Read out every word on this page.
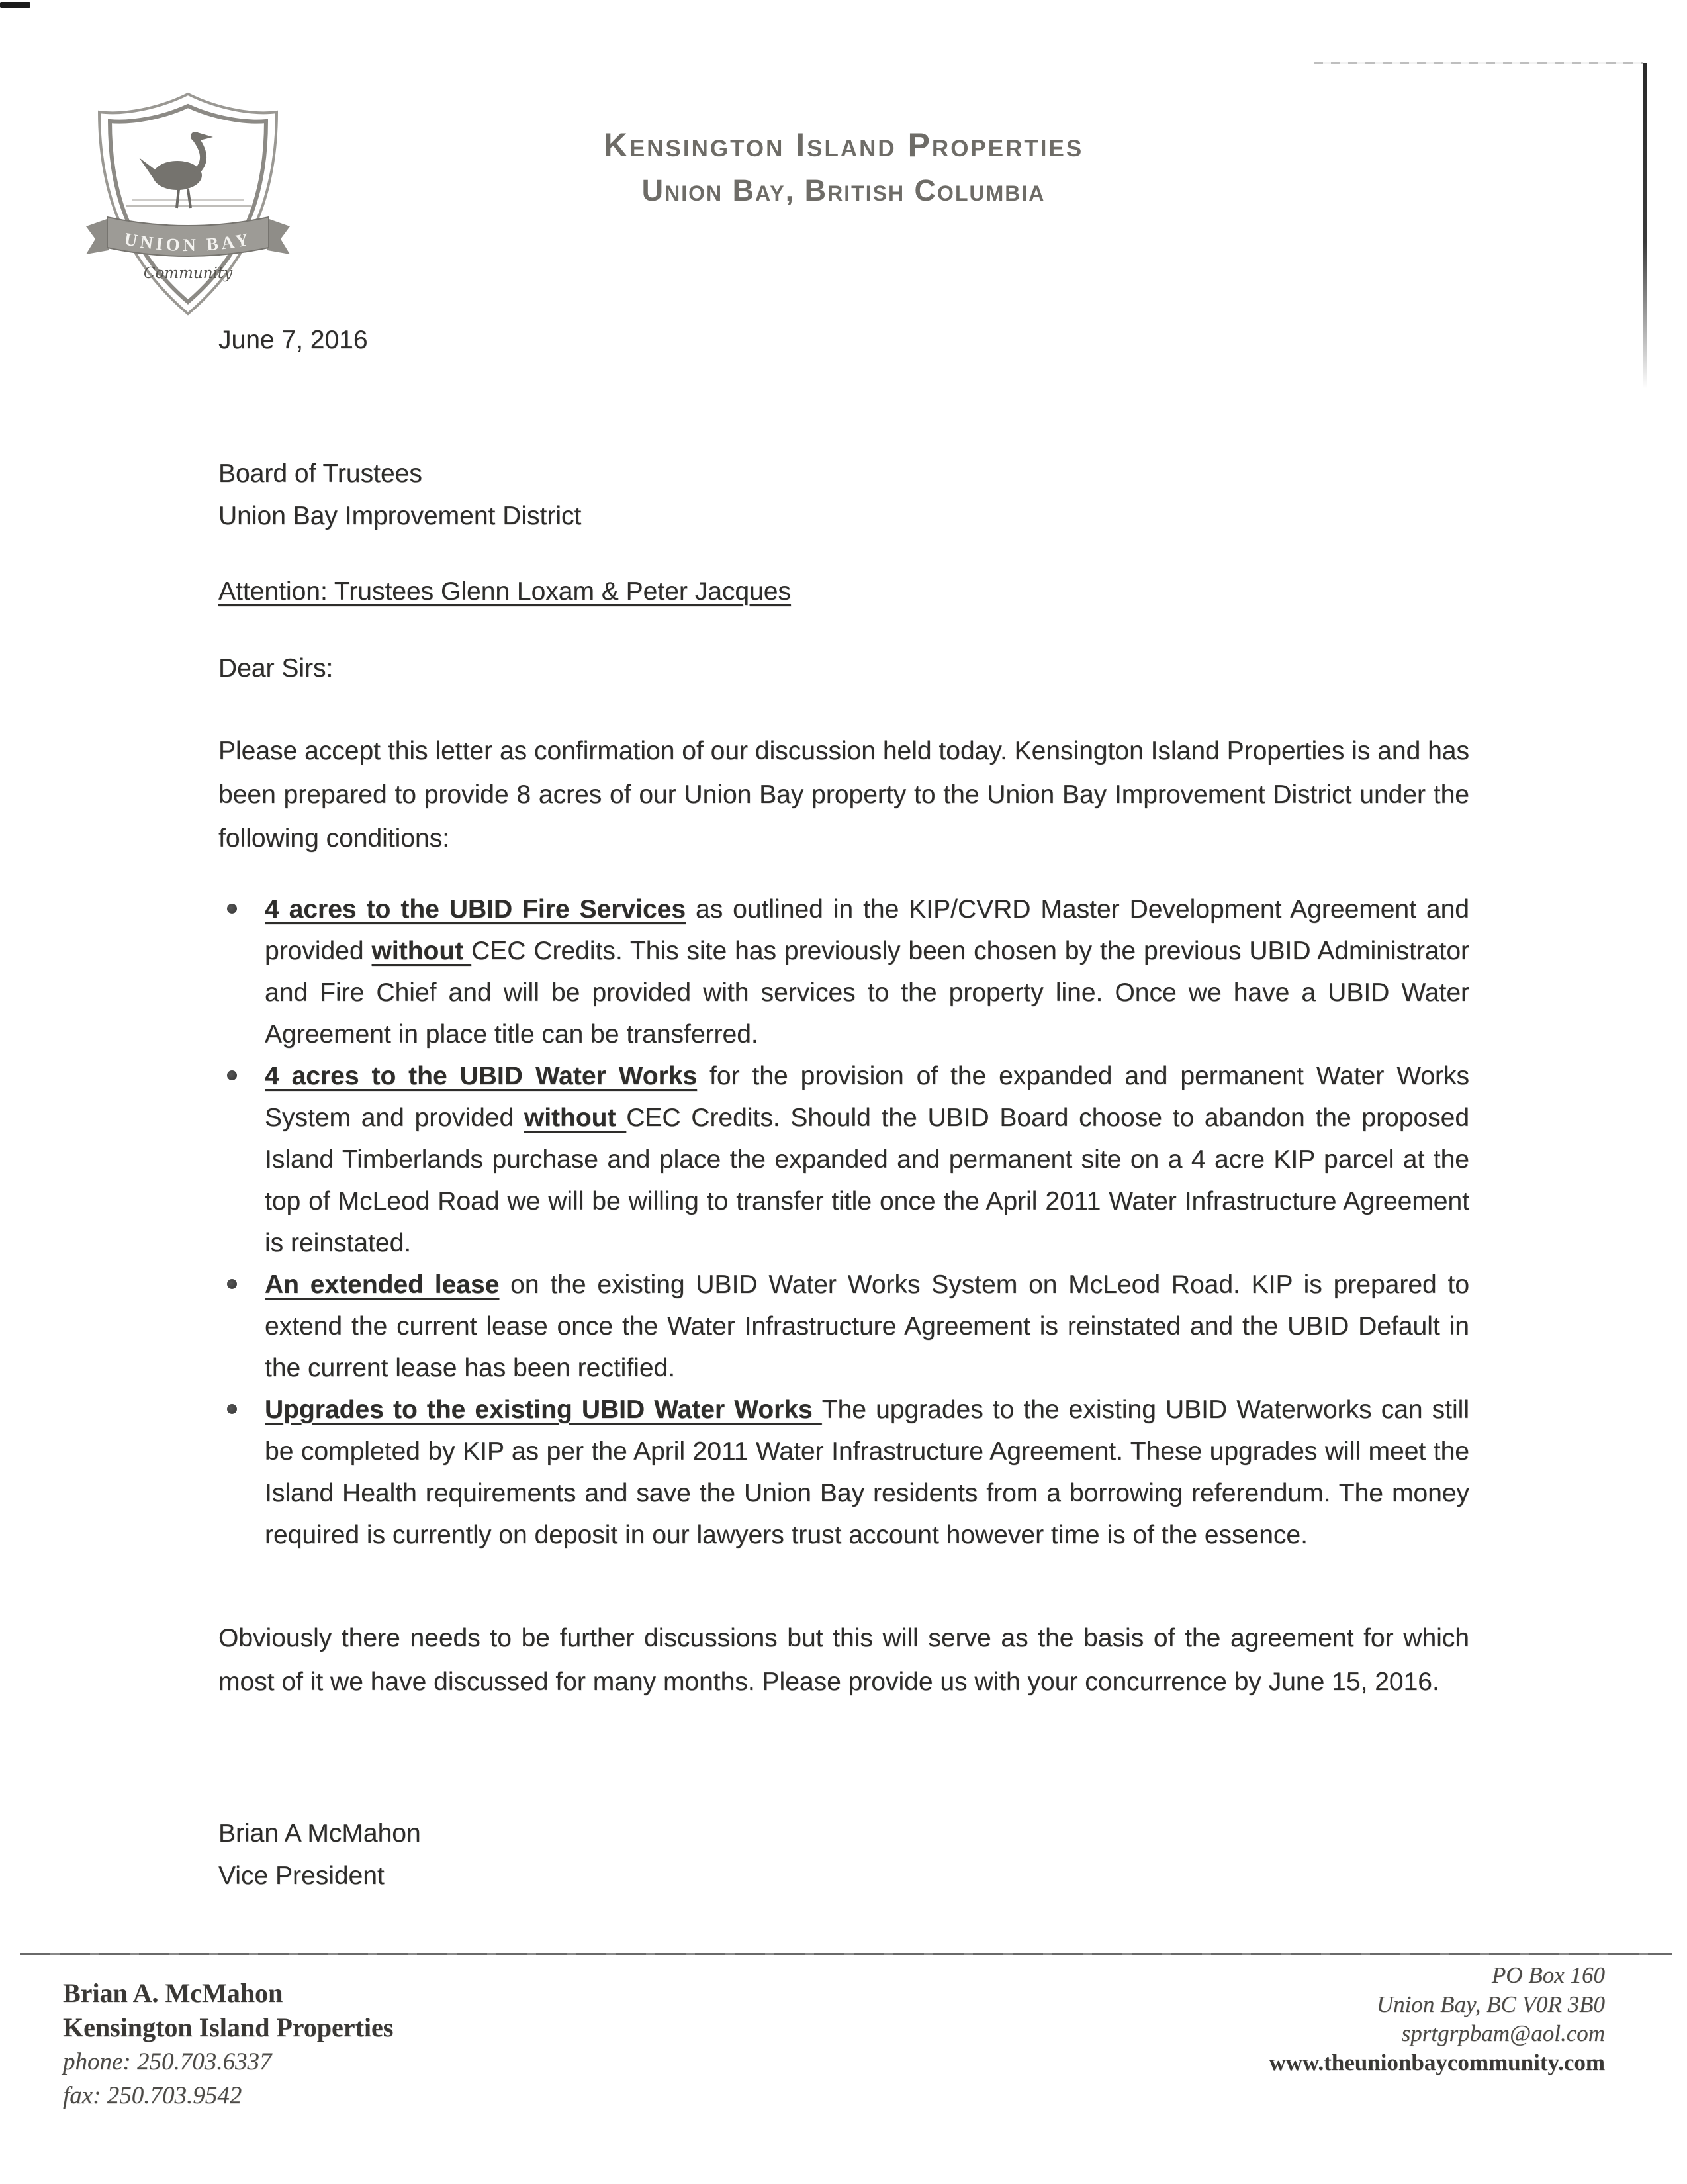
UNION BAY
Community
Kensington Island Properties
Union Bay, British Columbia
June 7, 2016
Board of Trustees
Union Bay Improvement District
Attention: Trustees Glenn Loxam & Peter Jacques
Dear Sirs:

Please accept this letter as confirmation of our discussion held today. Kensington Island Properties is and has been prepared to provide 8 acres of our Union Bay property to the Union Bay Improvement District under the following conditions:

4 acres to the UBID Fire Services as outlined in the KIP/CVRD Master Development Agreement and provided without CEC Credits. This site has previously been chosen by the previous UBID Administrator and Fire Chief and will be provided with services to the property line. Once we have a UBID Water Agreement in place title can be transferred.

4 acres to the UBID Water Works for the provision of the expanded and permanent Water Works System and provided without CEC Credits. Should the UBID Board choose to abandon the proposed Island Timberlands purchase and place the expanded and permanent site on a 4 acre KIP parcel at the top of McLeod Road we will be willing to transfer title once the April 2011 Water Infrastructure Agreement is reinstated.

An extended lease on the existing UBID Water Works System on McLeod Road. KIP is prepared to extend the current lease once the Water Infrastructure Agreement is reinstated and the UBID Default in the current lease has been rectified.

Upgrades to the existing UBID Water Works The upgrades to the existing UBID Waterworks can still be completed by KIP as per the April 2011 Water Infrastructure Agreement. These upgrades will meet the Island Health requirements and save the Union Bay residents from a borrowing referendum. The money required is currently on deposit in our lawyers trust account however time is of the essence.

Obviously there needs to be further discussions but this will serve as the basis of the agreement for which most of it we have discussed for many months. Please provide us with your concurrence by June 15, 2016.

Brian A McMahon
Vice President
Brian A. McMahon
Kensington Island Properties
phone: 250.703.6337
fax: 250.703.9542
PO Box 160
Union Bay, BC V0R 3B0
sprtgrpbam@aol.com
www.theunionbaycommunity.com
